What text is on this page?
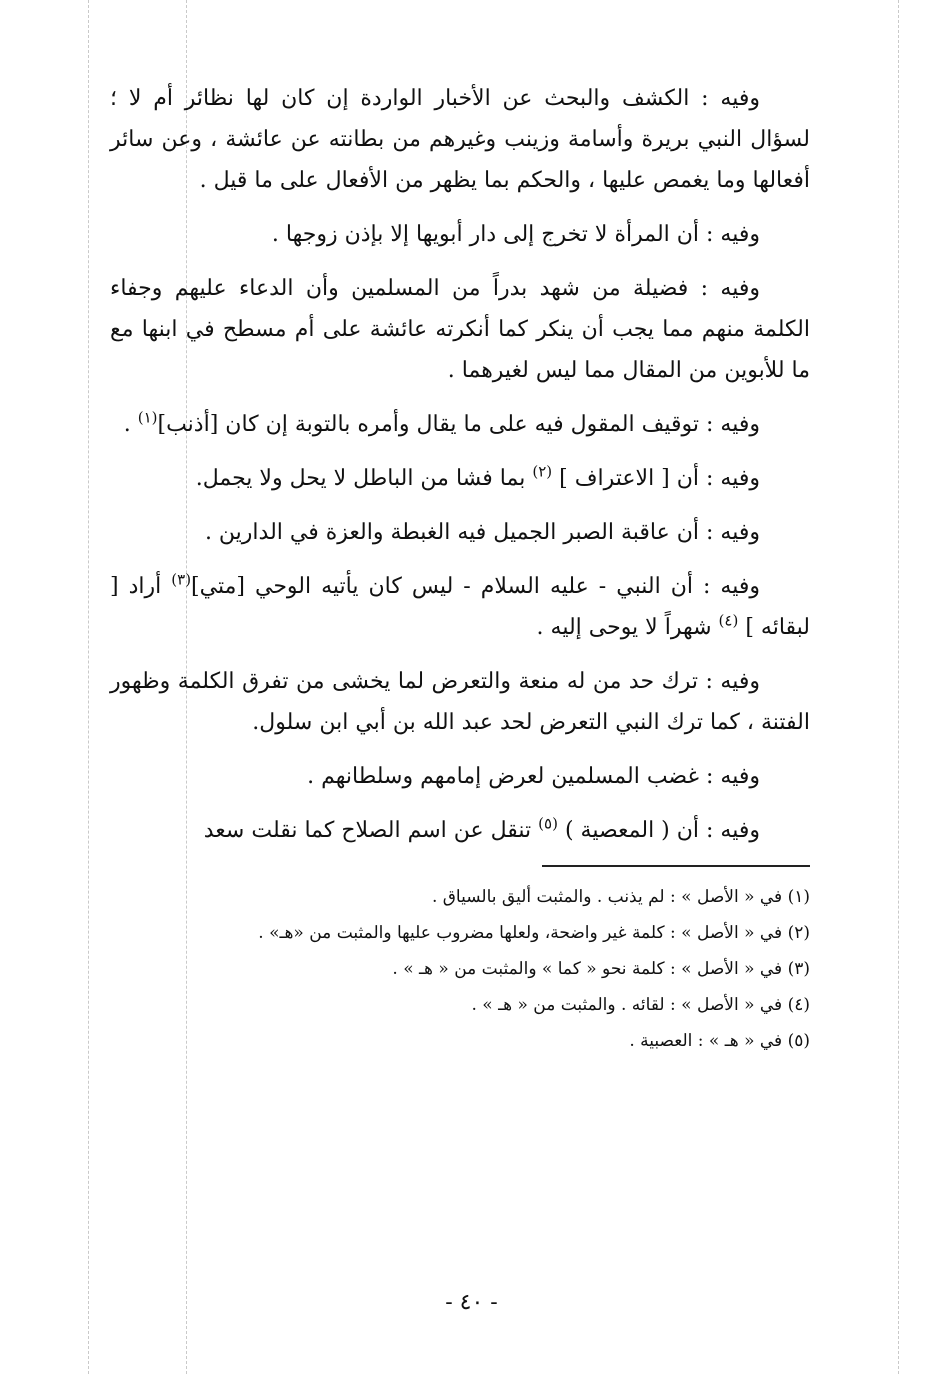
وفيه : الكشف والبحث عن الأخبار الواردة إن كان لها نظائر أم لا ؛ لسؤال النبي بريرة وأسامة وزينب وغيرهم من بطانته عن عائشة ، وعن سائر أفعالها وما يغمص عليها ، والحكم بما يظهر من الأفعال على ما قيل .

وفيه : أن المرأة لا تخرج إلى دار أبويها إلا بإذن زوجها .

وفيه : فضيلة من شهد بدراً من المسلمين وأن الدعاء عليهم وجفاء الكلمة منهم مما يجب أن ينكر كما أنكرته عائشة على أم مسطح في ابنها مع ما للأبوين من المقال مما ليس لغيرهما .

وفيه : توقيف المقول فيه على ما يقال وأمره بالتوبة إن كان [أذنب]$^{(١)}$ .

وفيه : أن [ الاعتراف ] $^{(٢)}$ بما فشا من الباطل لا يحل ولا يجمل.

وفيه : أن عاقبة الصبر الجميل فيه الغبطة والعزة في الدارين .

وفيه : أن النبي - عليه السلام - ليس كان يأتيه الوحي [متي]$^{(٣)}$ أراد [ لبقائه ] $^{(٤)}$ شهراً لا يوحى إليه .

وفيه : ترك حد من له منعة والتعرض لما يخشى من تفرق الكلمة وظهور الفتنة ، كما ترك النبي التعرض لحد عبد الله بن أبي ابن سلول.

وفيه : غضب المسلمين لعرض إمامهم وسلطانهم .

وفيه : أن ( المعصية ) $^{(٥)}$ تنقل عن اسم الصلاح كما نقلت سعد

(١) في « الأصل » : لم يذنب . والمثبت أليق بالسياق .

(٢) في « الأصل » : كلمة غير واضحة، ولعلها مضروب عليها والمثبت من «هـ» .

(٣) في « الأصل » : كلمة نحو « كما » والمثبت من « هـ » .

(٤) في « الأصل » : لقائه . والمثبت من « هـ » .

(٥) في « هـ » : العصبية .

- ٤٠ -
